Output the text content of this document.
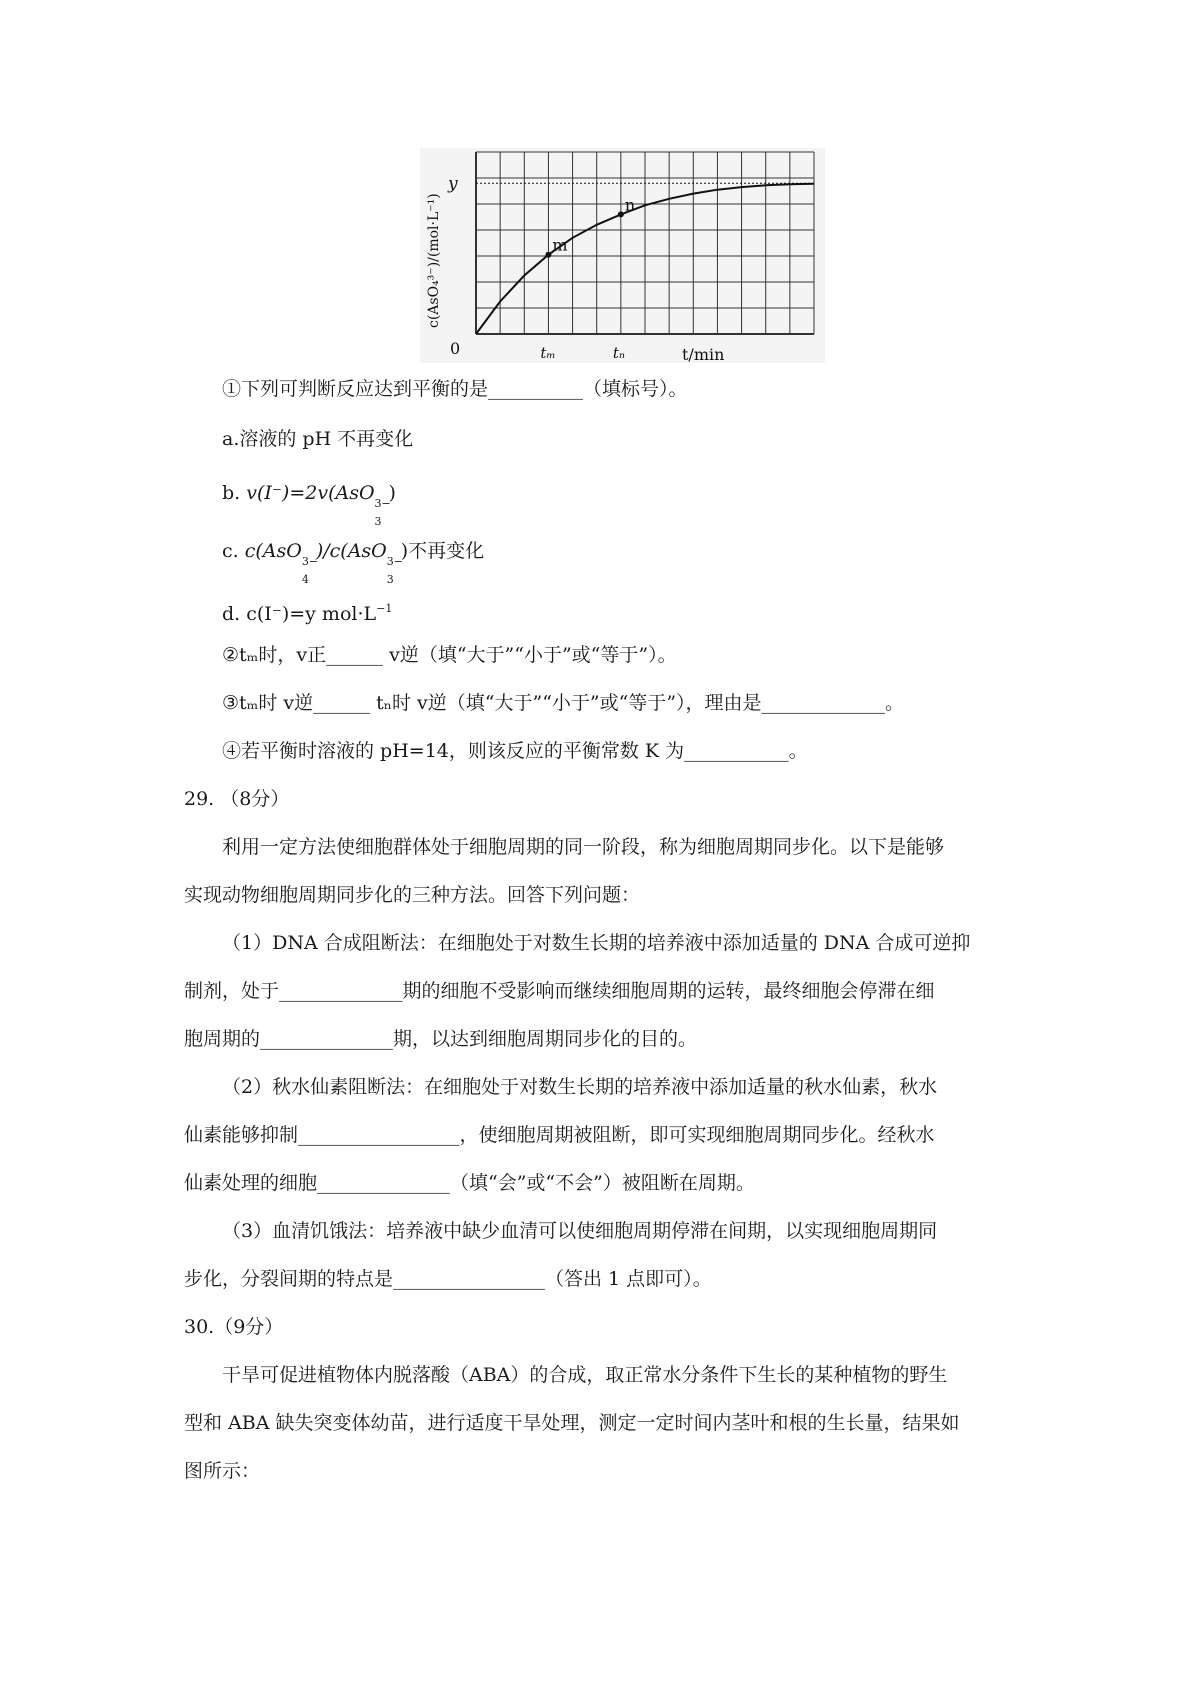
m
n
y
0	tₘ	tₙ	t/min
c(AsO₄³⁻)/(mol·L⁻¹)
①下列可判断反应达到平衡的是__________（填标号）。
a.溶液的 pH 不再变化
b. v(I⁻)=2v(AsO 3−
3
)
c. c(AsO 3−
4
)/c(AsO 3−
3
)不再变化
d. c(I⁻)=y $mol\cdot L^{-1}$
②tₘ时，v正______ v逆（填“大于”“小于”或“等于”）。
③tₘ时 v逆______ tₙ时 v逆（填“大于”“小于”或“等于”），理由是_____________。
④若平衡时溶液的 pH=14，则该反应的平衡常数 K 为___________。
29. （8分）
利用一定方法使细胞群体处于细胞周期的同一阶段，称为细胞周期同步化。以下是能够
实现动物细胞周期同步化的三种方法。回答下列问题：
（1）DNA 合成阻断法：在细胞处于对数生长期的培养液中添加适量的 DNA 合成可逆抑
制剂，处于_____________期的细胞不受影响而继续细胞周期的运转，最终细胞会停滞在细
胞周期的______________期，以达到细胞周期同步化的目的。
（2）秋水仙素阻断法：在细胞处于对数生长期的培养液中添加适量的秋水仙素，秋水
仙素能够抑制_________________，使细胞周期被阻断，即可实现细胞周期同步化。经秋水
仙素处理的细胞______________（填“会”或“不会”）被阻断在周期。
（3）血清饥饿法：培养液中缺少血清可以使细胞周期停滞在间期，以实现细胞周期同
步化，分裂间期的特点是________________（答出 1 点即可）。
30.（9分）
干旱可促进植物体内脱落酸（ABA）的合成，取正常水分条件下生长的某种植物的野生
型和 ABA 缺失突变体幼苗，进行适度干旱处理，测定一定时间内茎叶和根的生长量，结果如
图所示：
